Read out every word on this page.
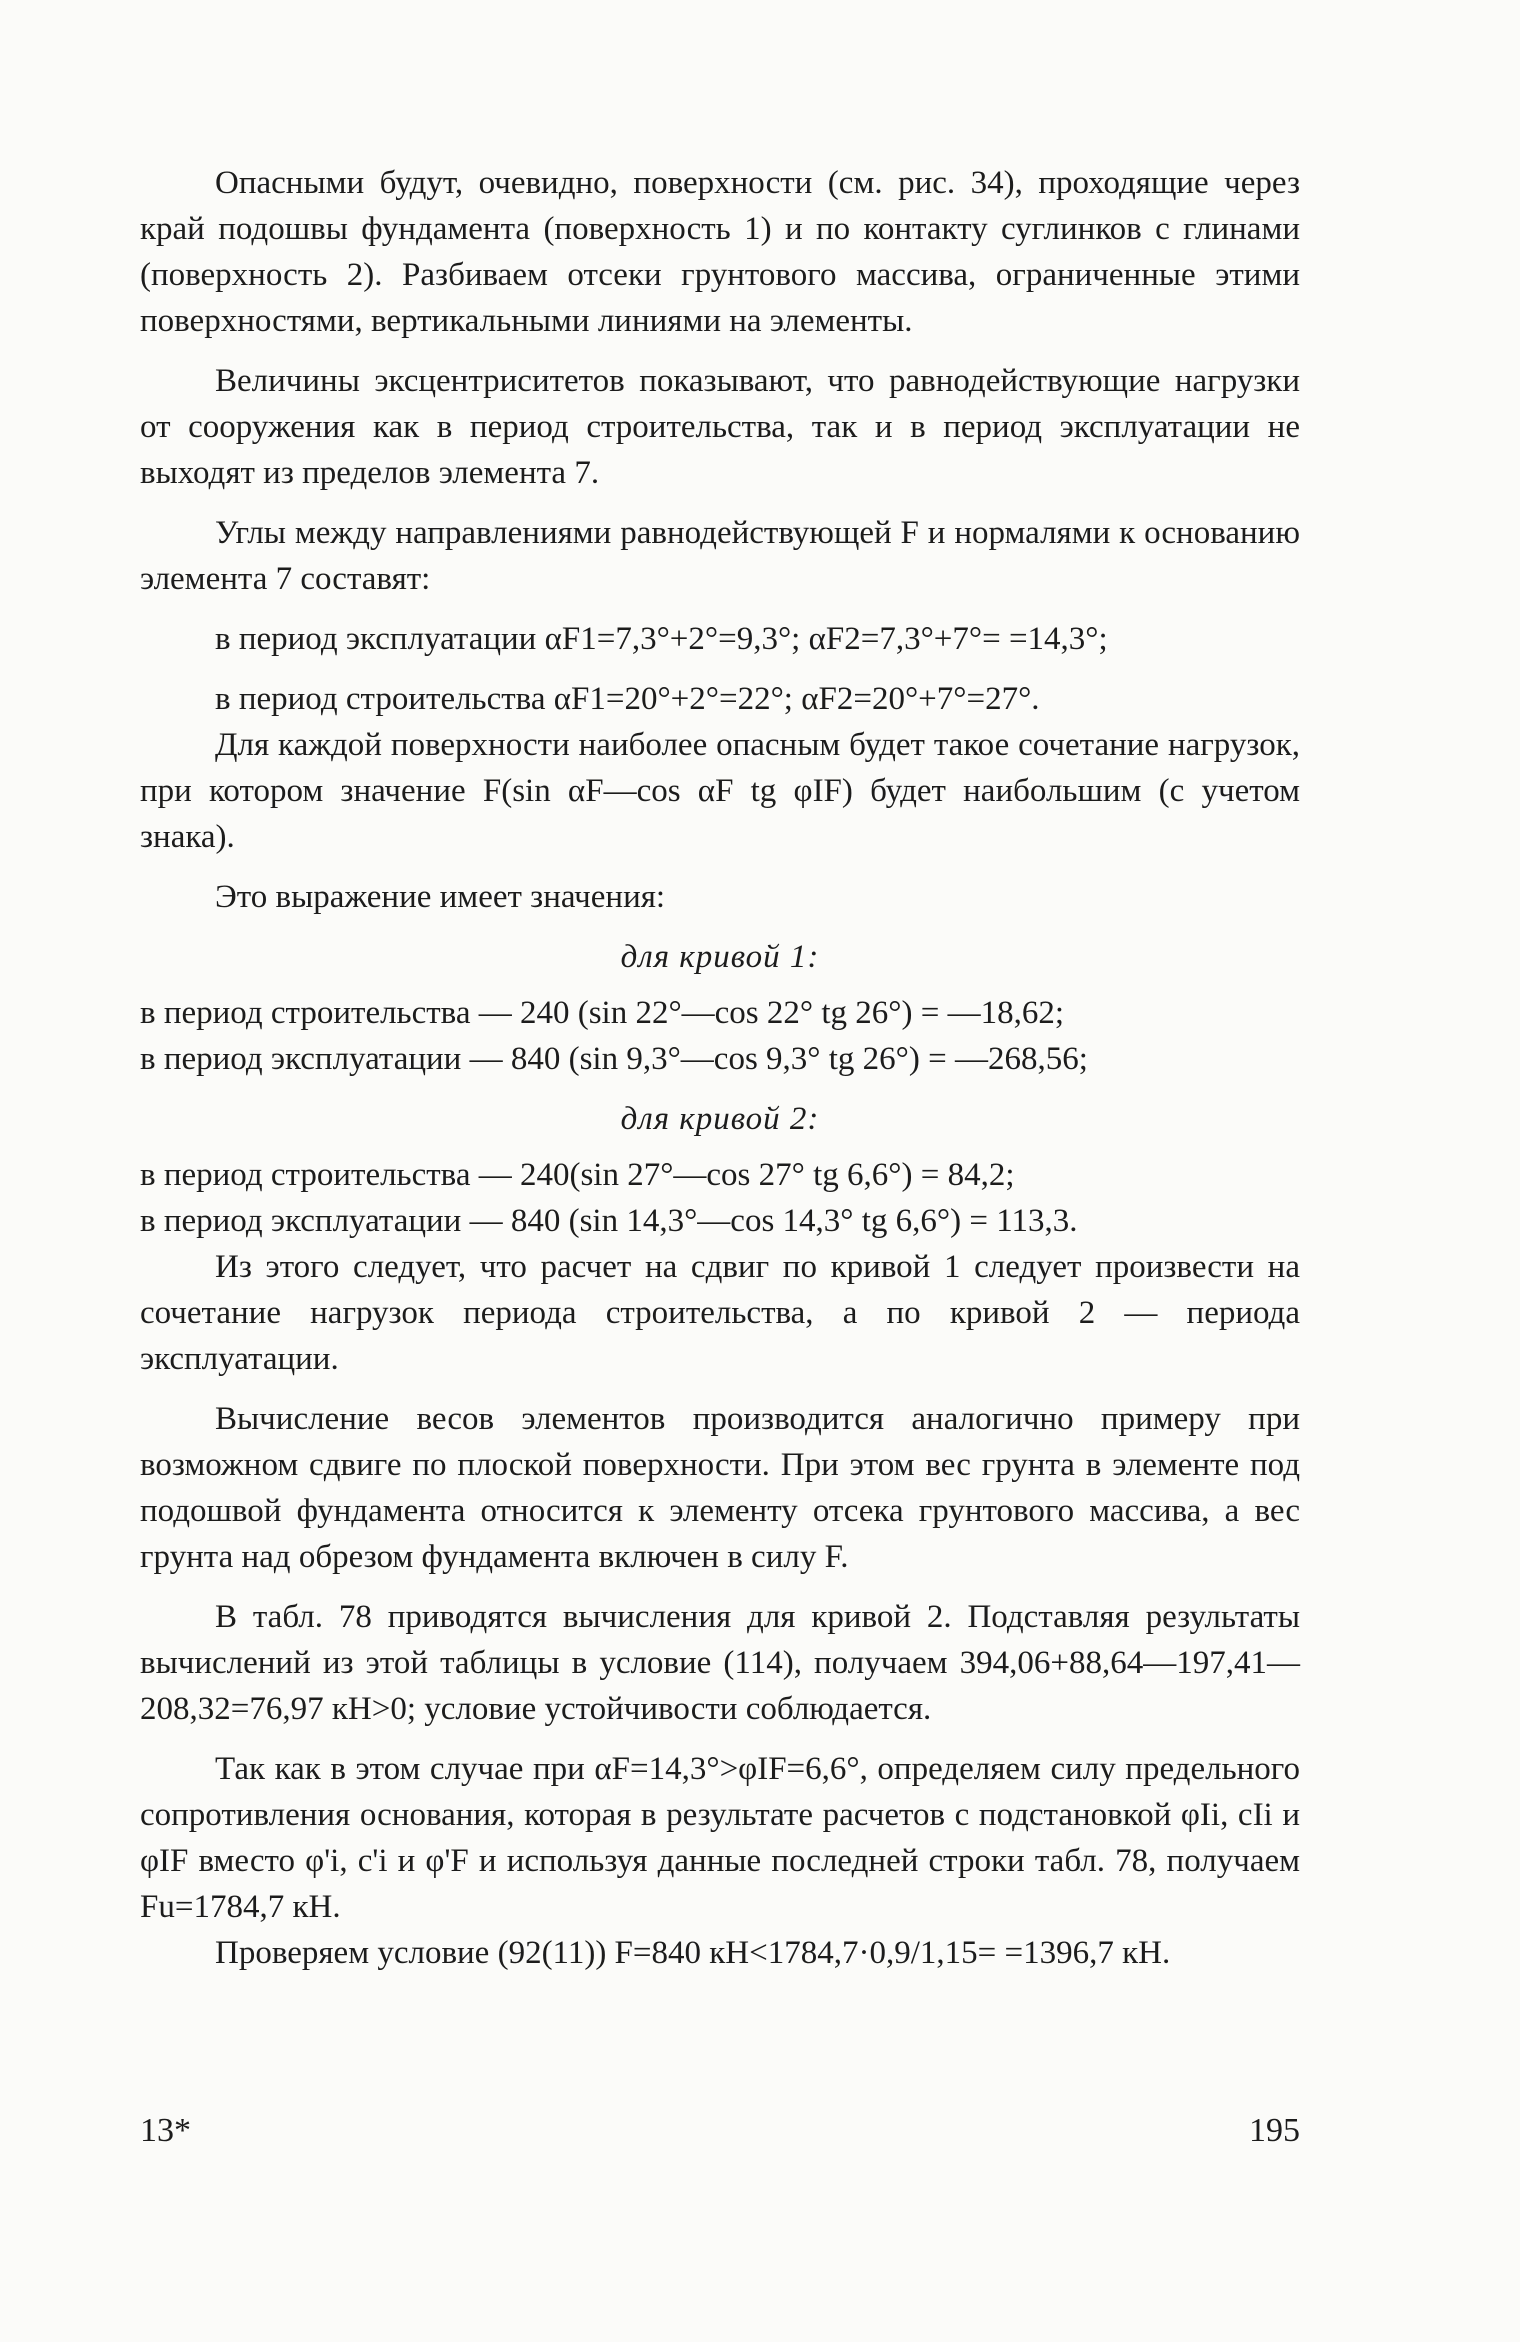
Опасными будут, очевидно, поверхности (см. рис. 34), проходящие через край подошвы фундамента (поверхность 1) и по контакту суглинков с глинами (поверхность 2). Разбиваем отсеки грунтового массива, ограниченные этими поверхностями, вертикальными линиями на элементы.

Величины эксцентриситетов показывают, что равнодействующие нагрузки от сооружения как в период строительства, так и в период эксплуатации не выходят из пределов элемента 7.

Углы между направлениями равнодействующей F и нормалями к основанию элемента 7 составят:

в период эксплуатации αF1=7,3°+2°=9,3°; αF2=7,3°+7°= =14,3°;

в период строительства αF1=20°+2°=22°; αF2=20°+7°=27°.

Для каждой поверхности наиболее опасным будет такое сочетание нагрузок, при котором значение F(sin αF—cos αF tg φIF) будет наибольшим (с учетом знака).

Это выражение имеет значения:

для кривой 1:

в период строительства — 240 (sin 22°—cos 22° tg 26°) = —18,62;

в период эксплуатации — 840 (sin 9,3°—cos 9,3° tg 26°) = —268,56;

для кривой 2:

в период строительства — 240(sin 27°—cos 27° tg 6,6°) = 84,2;

в период эксплуатации — 840 (sin 14,3°—cos 14,3° tg 6,6°) = 113,3.

Из этого следует, что расчет на сдвиг по кривой 1 следует произвести на сочетание нагрузок периода строительства, а по кривой 2 — периода эксплуатации.

Вычисление весов элементов производится аналогично примеру при возможном сдвиге по плоской поверхности. При этом вес грунта в элементе под подошвой фундамента относится к элементу отсека грунтового массива, а вес грунта над обрезом фундамента включен в силу F.

В табл. 78 приводятся вычисления для кривой 2. Подставляя результаты вычислений из этой таблицы в условие (114), получаем 394,06+88,64—197,41—208,32=76,97 кН>0; условие устойчивости соблюдается.

Так как в этом случае при αF=14,3°>φIF=6,6°, определяем силу предельного сопротивления основания, которая в результате расчетов с подстановкой φIi, cIi и φIF вместо φ'i, c'i и φ'F и используя данные последней строки табл. 78, получаем Fu=1784,7 кН.

Проверяем условие (92(11)) F=840 кН<1784,7·0,9/1,15= =1396,7 кН.

13*	195
